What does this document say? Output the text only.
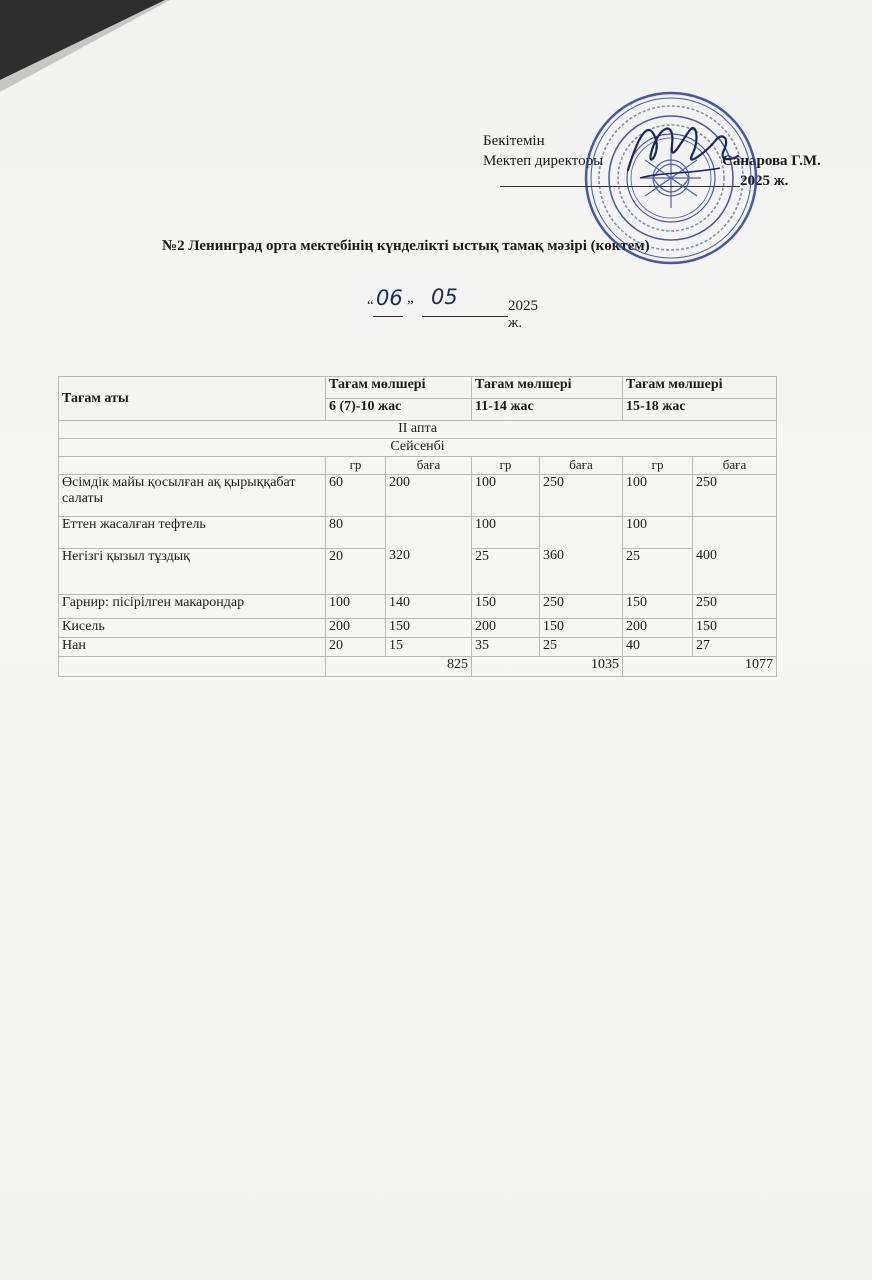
Бекітемін
Мектеп директоры	Санарова Г.М.
2025 ж.
№2 Ленинград орта мектебінің күнделікті ыстық тамақ мәзірі (көктем)
“ 06 ” 05	2025 ж.
Тағам аты	Тағам мөлшері		Тағам мөлшері		Тағам мөлшері	
	6 (7)-10 жас		11-14 жас		15-18 жас	
II апта						
Сейсенбі						
	гр	баға	гр	баға	гр	баға
Өсімдік майы қосылған ақ қырыққабат салаты	60	200	100	250	100	250
Еттен жасалған тефтель	80	320	100	360	100	400
Негізгі қызыл тұздық	20		25		25	
Гарнир: пісірілген макарондар	100	140	150	250	150	250
Кисель	200	150	200	150	200	150
Нан	20	15	35	25	40	27
	825		1035		1077	
